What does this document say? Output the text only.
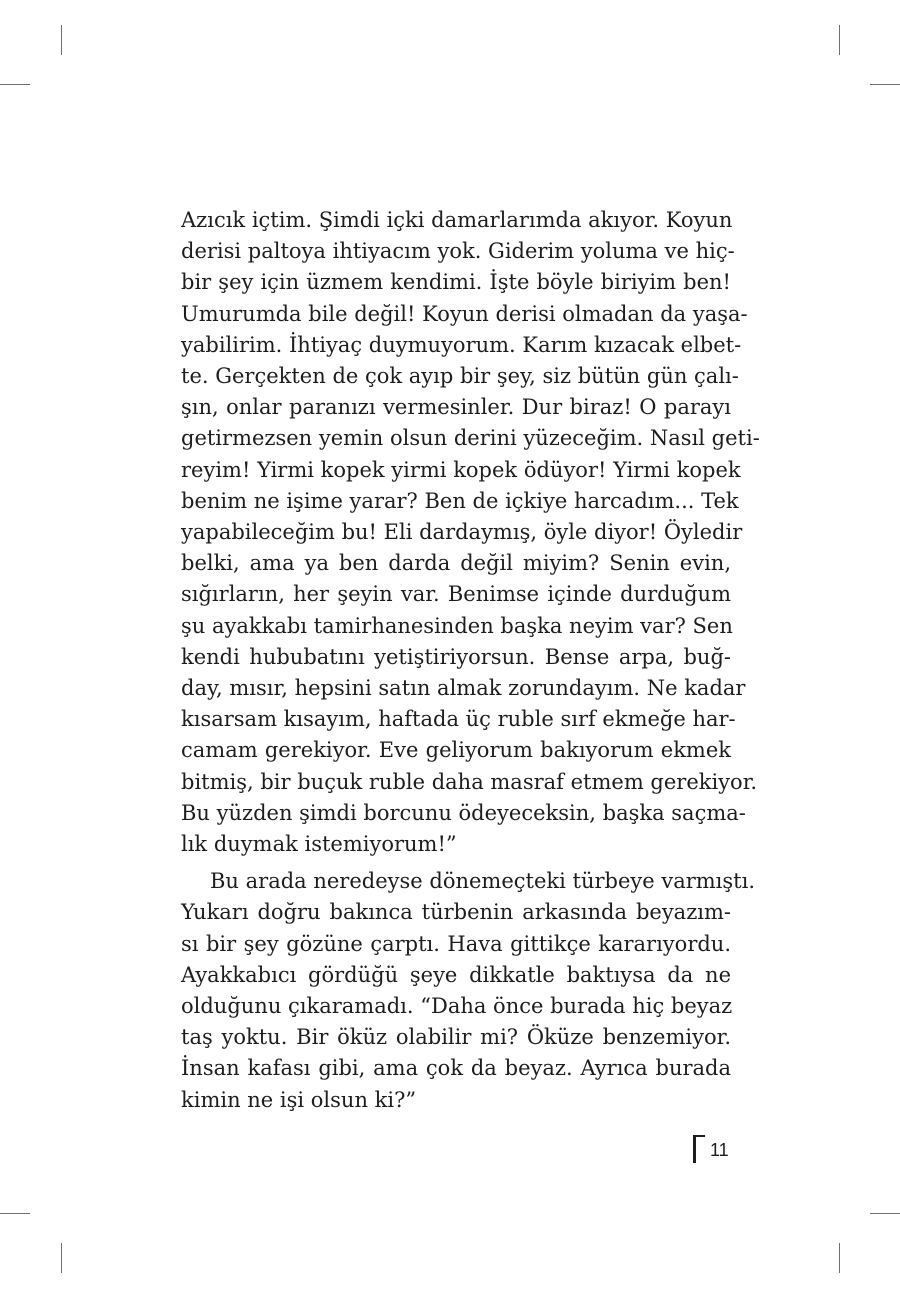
Azıcık içtim. Şimdi içki damarlarımda akıyor. Koyun
derisi paltoya ihtiyacım yok. Giderim yoluma ve hiç-
bir şey için üzmem kendimi. İşte böyle biriyim ben!
Umurumda bile değil! Koyun derisi olmadan da yaşa-
yabilirim. İhtiyaç duymuyorum. Karım kızacak elbet-
te. Gerçekten de çok ayıp bir şey, siz bütün gün çalı-
şın, onlar paranızı vermesinler. Dur biraz! O parayı
getirmezsen yemin olsun derini yüzeceğim. Nasıl geti-
reyim! Yirmi kopek yirmi kopek ödüyor! Yirmi kopek
benim ne işime yarar? Ben de içkiye harcadım... Tek
yapabileceğim bu! Eli dardaymış, öyle diyor! Öyledir
belki, ama ya ben darda değil miyim? Senin evin,
sığırların, her şeyin var. Benimse içinde durduğum
şu ayakkabı tamirhanesinden başka neyim var? Sen
kendi hububatını yetiştiriyorsun. Bense arpa, buğ-
day, mısır, hepsini satın almak zorundayım. Ne kadar
kısarsam kısayım, haftada üç ruble sırf ekmeğe har-
camam gerekiyor. Eve geliyorum bakıyorum ekmek
bitmiş, bir buçuk ruble daha masraf etmem gerekiyor.
Bu yüzden şimdi borcunu ödeyeceksin, başka saçma-
lık duymak istemiyorum!”
Bu arada neredeyse dönemeçteki türbeye varmıştı.
Yukarı doğru bakınca türbenin arkasında beyazım-
sı bir şey gözüne çarptı. Hava gittikçe kararıyordu.
Ayakkabıcı gördüğü şeye dikkatle baktıysa da ne
olduğunu çıkaramadı. “Daha önce burada hiç beyaz
taş yoktu. Bir öküz olabilir mi? Öküze benzemiyor.
İnsan kafası gibi, ama çok da beyaz. Ayrıca burada
kimin ne işi olsun ki?”
11
